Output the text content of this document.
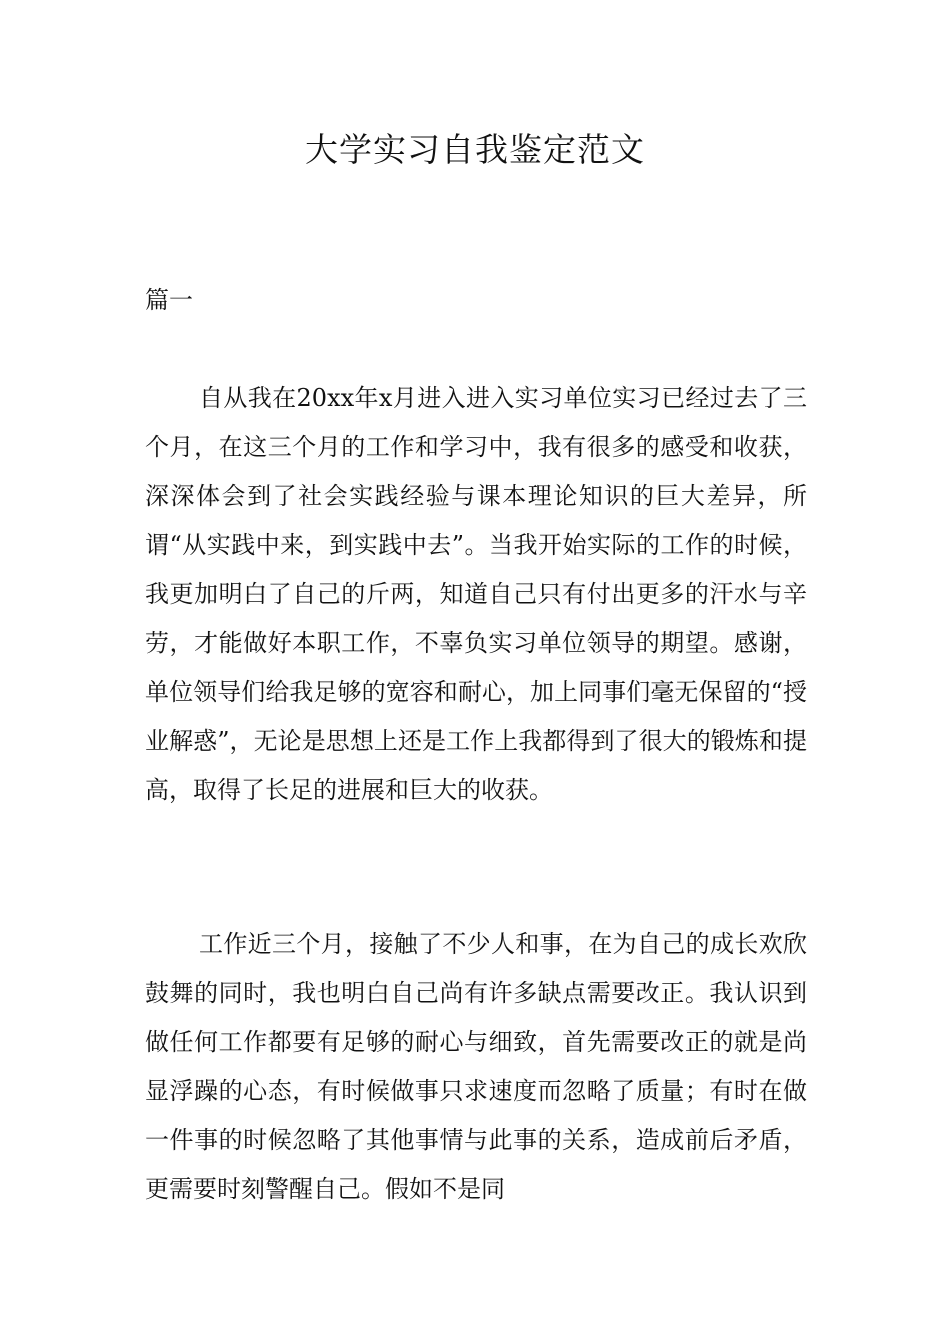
大学实习自我鉴定范文

篇一

自从我在20xx年x月进入进入实习单位实习已经过去了三个月，在这三个月的工作和学习中，我有很多的感受和收获，深深体会到了社会实践经验与课本理论知识的巨大差异，所谓“从实践中来，到实践中去”。当我开始实际的工作的时候，我更加明白了自己的斤两，知道自己只有付出更多的汗水与辛劳，才能做好本职工作，不辜负实习单位领导的期望。感谢，单位领导们给我足够的宽容和耐心，加上同事们毫无保留的“授业解惑”，无论是思想上还是工作上我都得到了很大的锻炼和提高，取得了长足的进展和巨大的收获。

工作近三个月，接触了不少人和事，在为自己的成长欢欣鼓舞的同时，我也明白自己尚有许多缺点需要改正。我认识到做任何工作都要有足够的耐心与细致，首先需要改正的就是尚显浮躁的心态，有时候做事只求速度而忽略了质量；有时在做一件事的时候忽略了其他事情与此事的关系，造成前后矛盾，更需要时刻警醒自己。假如不是同
